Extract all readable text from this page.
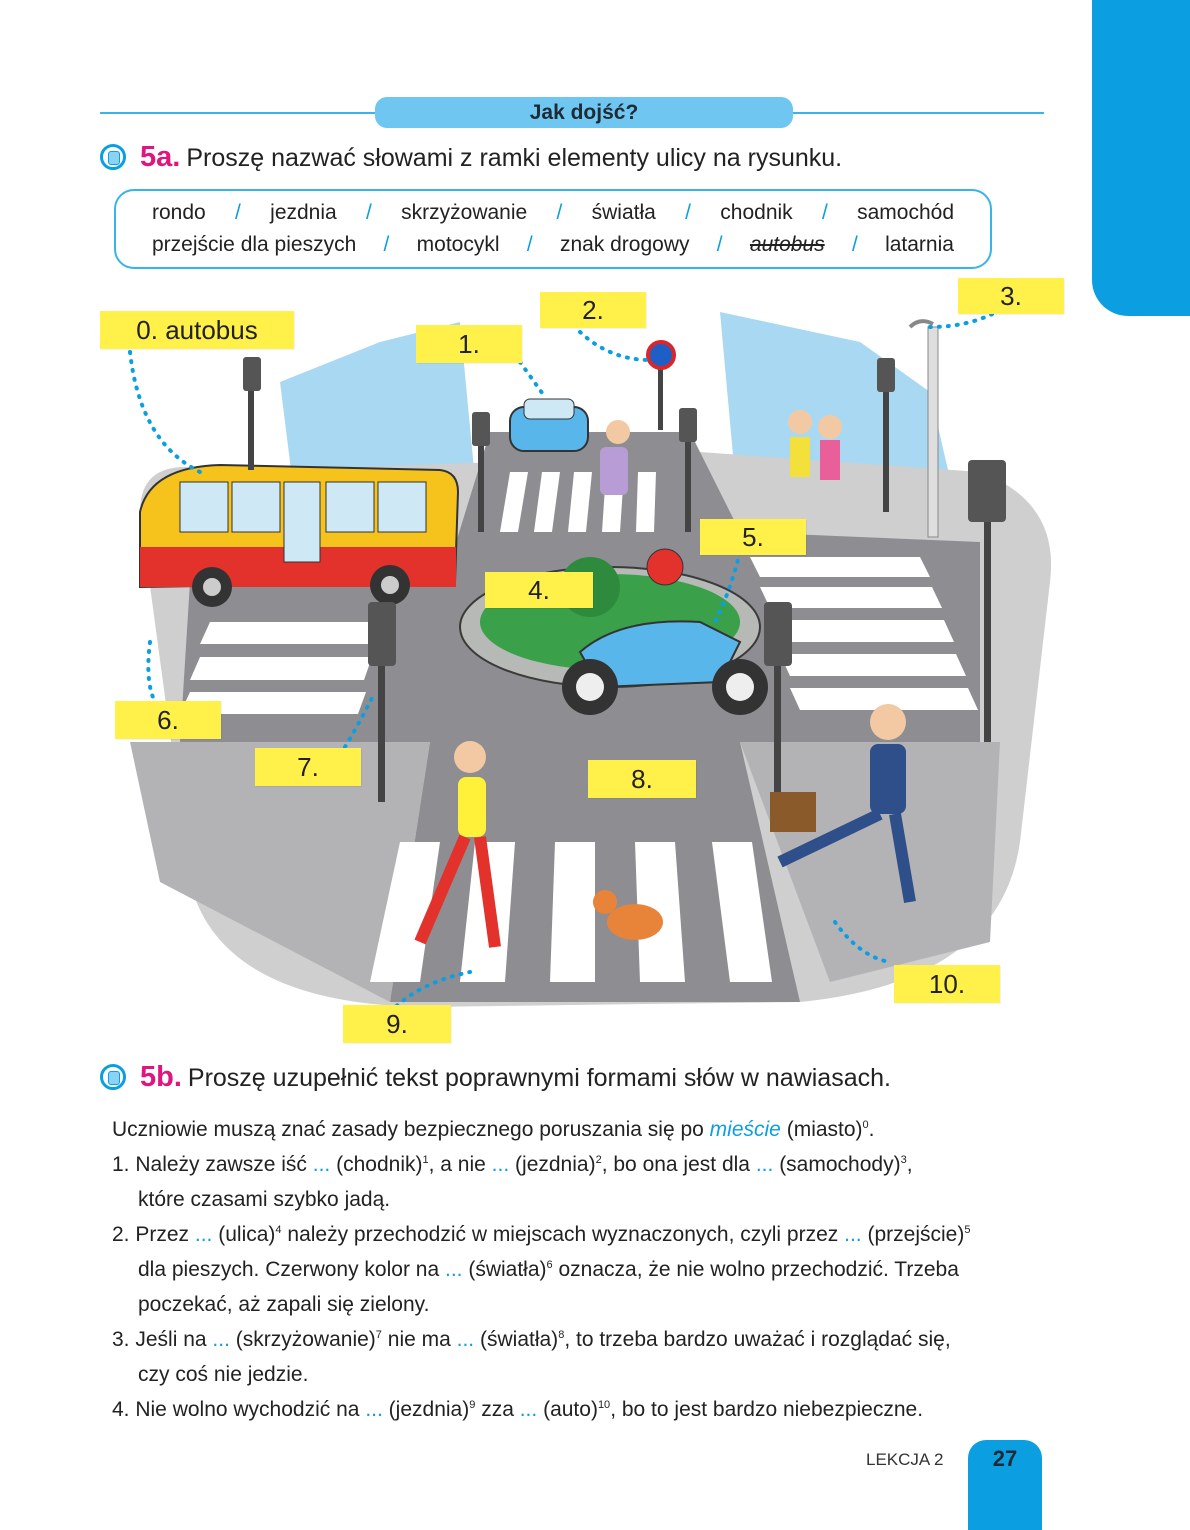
Jak dojść?
5a. Proszę nazwać słowami z ramki elementy ulicy na rysunku.
rondo / jezdnia / skrzyżowanie / światła / chodnik / samochód
przejście dla pieszych / motocykl / znak drogowy / autobus / latarnia
0. autobus	1.
2.	3.
4.
5.
6.
7.	8.
9.
10.
5b. Proszę uzupełnić tekst poprawnymi formami słów w nawiasach.
Uczniowie muszą znać zasady bezpiecznego poruszania się po mieście (miasto)$^0$.
1. Należy zawsze iść ... (chodnik)$^1$, a nie ... (jezdnia)$^2$, bo ona jest dla ... (samochody)$^3$,
które czasami szybko jadą.
2. Przez ... (ulica)$^4$ należy przechodzić w miejscach wyznaczonych, czyli przez ... (przejście)$^5$
dla pieszych. Czerwony kolor na ... (światła)$^6$ oznacza, że nie wolno przechodzić. Trzeba
poczekać, aż zapali się zielony.
3. Jeśli na ... (skrzyżowanie)$^7$ nie ma ... (światła)$^8$, to trzeba bardzo uważać i rozglądać się,
czy coś nie jedzie.
4. Nie wolno wychodzić na ... (jezdnia)$^9$ zza ... (auto)$^{10}$, bo to jest bardzo niebezpieczne.
LEKCJA 2	27
